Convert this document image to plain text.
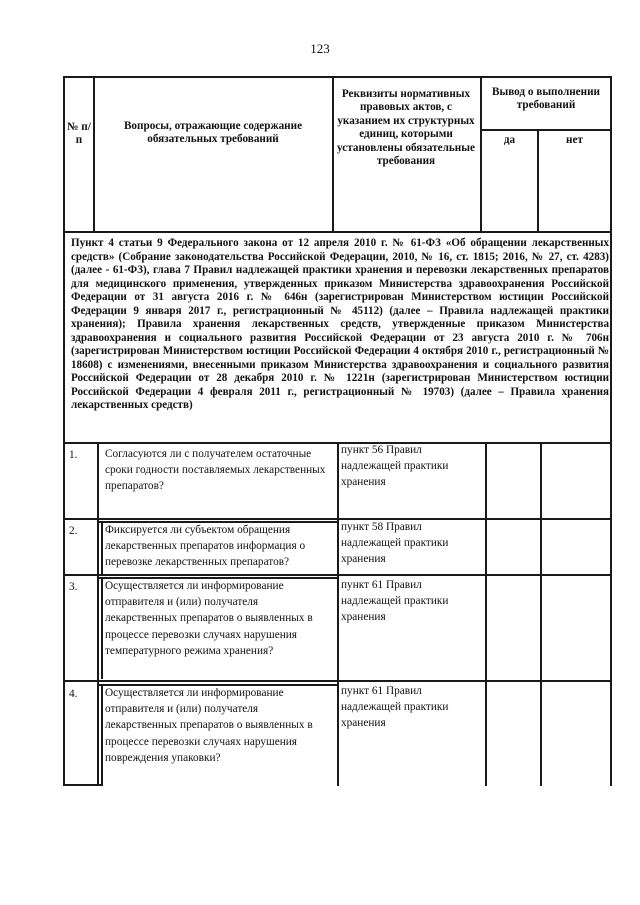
123
№ п/п
Вопросы, отражающие содержание обязательных требований
Реквизиты нормативных правовых актов, с указанием их структурных единиц, которыми установлены обязательные требования
Вывод о выполнении требований
да	нет
Пункт 4 статьи 9 Федерального закона от 12 апреля 2010 г. № 61-ФЗ «Об обращении лекарственных средств» (Собрание законодательства Российской Федерации, 2010, № 16, ст. 1815; 2016, № 27, ст. 4283) (далее - 61-ФЗ), глава 7 Правил надлежащей практики хранения и перевозки лекарственных препаратов для медицинского применения, утвержденных приказом Министерства здравоохранения Российской Федерации от 31 августа 2016 г. № 646н (зарегистрирован Министерством юстиции Российской Федерации 9 января 2017 г., регистрационный № 45112) (далее – Правила надлежащей практики хранения); Правила хранения лекарственных средств, утвержденные приказом Министерства здравоохранения и социального развития Российской Федерации от 23 августа 2010 г. № 706н (зарегистрирован Министерством юстиции Российской Федерации 4 октября 2010 г., регистрационный № 18608) с изменениями, внесенными приказом Министерства здравоохранения и социального развития Российской Федерации от 28 декабря 2010 г. № 1221н (зарегистрирован Министерством юстиции Российской Федерации 4 февраля 2011 г., регистрационный № 19703) (далее – Правила хранения лекарственных средств)
1. Согласуются ли с получателем остаточные сроки годности поставляемых лекарственных препаратов?
пункт 56 Правил надлежащей практики хранения
2. Фиксируется ли субъектом обращения лекарственных препаратов информация о перевозке лекарственных препаратов?
пункт 58 Правил надлежащей практики хранения
3. Осуществляется ли информирование отправителя и (или) получателя лекарственных препаратов о выявленных в процессе перевозки случаях нарушения температурного режима хранения?
пункт 61 Правил надлежащей практики хранения
4. Осуществляется ли информирование отправителя и (или) получателя лекарственных препаратов о выявленных в процессе перевозки случаях нарушения повреждения упаковки?
пункт 61 Правил надлежащей практики хранения
